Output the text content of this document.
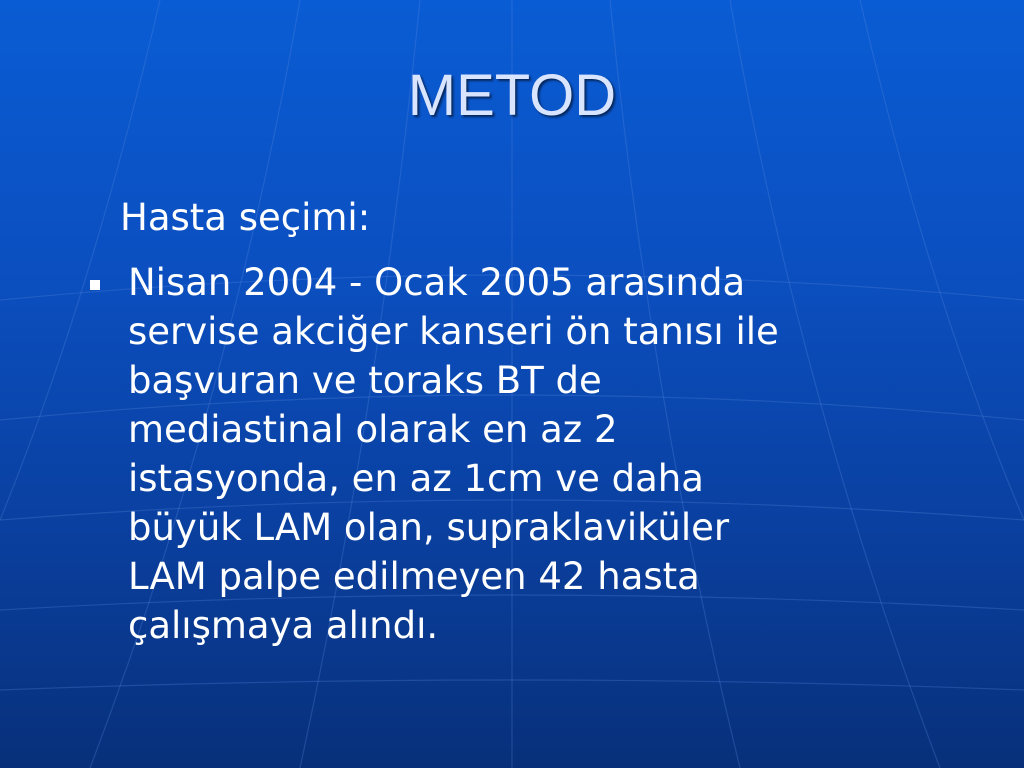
METOD
Hasta seçimi:
Nisan 2004 - Ocak 2005 arasında
servise akciğer kanseri ön tanısı ile
başvuran ve toraks BT de
mediastinal olarak en az 2
istasyonda, en az 1cm ve daha
büyük LAM olan, supraklaviküler
LAM palpe edilmeyen 42 hasta
çalışmaya alındı.
